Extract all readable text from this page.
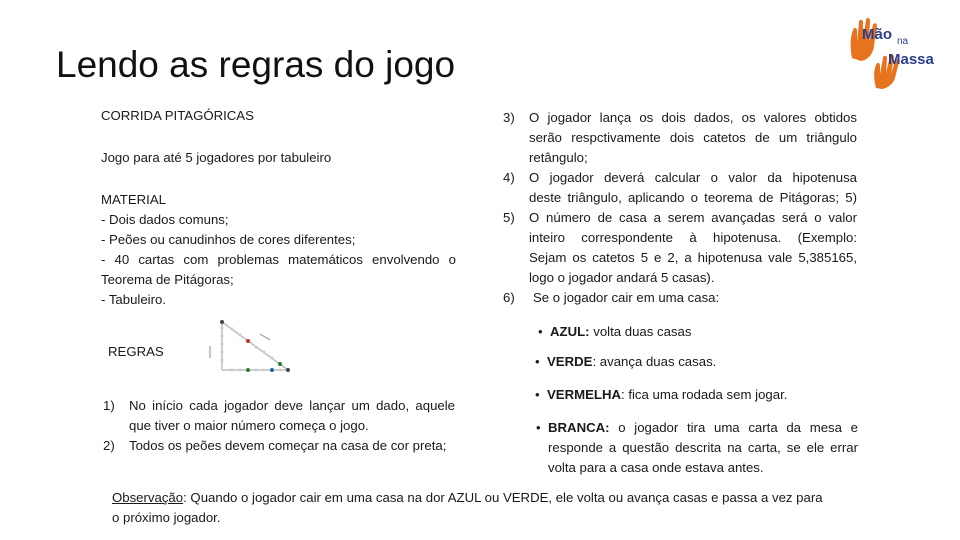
Lendo as regras do jogo
Mão na
Massa

CORRIDA PITAGÓRICAS

Jogo para até 5 jogadores por tabuleiro

MATERIAL

- Dois dados comuns;

- Peões ou canudinhos de cores diferentes;

- 40 cartas com problemas matemáticos envolvendo o

Teorema de Pitágoras;

- Tabuleiro.

REGRAS
1)	No início cada jogador deve lançar um dado, aquele
que tiver o maior número começa o jogo.
2)	Todos os peões devem começar na casa de cor preta;
3)	O jogador lança os dois dados, os valores obtidos
serão respctivamente dois catetos de um triângulo
retângulo;
4)	O jogador deverá calcular o valor da hipotenusa
deste triângulo, aplicando o teorema de Pitágoras; 5)
5)	O número de casa a serem avançadas será o valor
inteiro correspondente à hipotenusa. (Exemplo:
Sejam os catetos 5 e 2, a hipotenusa vale 5,385165,
logo o jogador andará 5 casas).
6)	Se o jogador cair em uma casa:
• AZUL: volta duas casas
• VERDE: avança duas casas.
• VERMELHA: fica uma rodada sem jogar.
• BRANCA: o jogador tira uma carta da mesa e
responde a questão descrita na carta, se ele errar
volta para a casa onde estava antes.
Observação: Quando o jogador cair em uma casa na dor AZUL ou VERDE, ele volta ou avança casas e passa a vez para
o próximo jogador.
